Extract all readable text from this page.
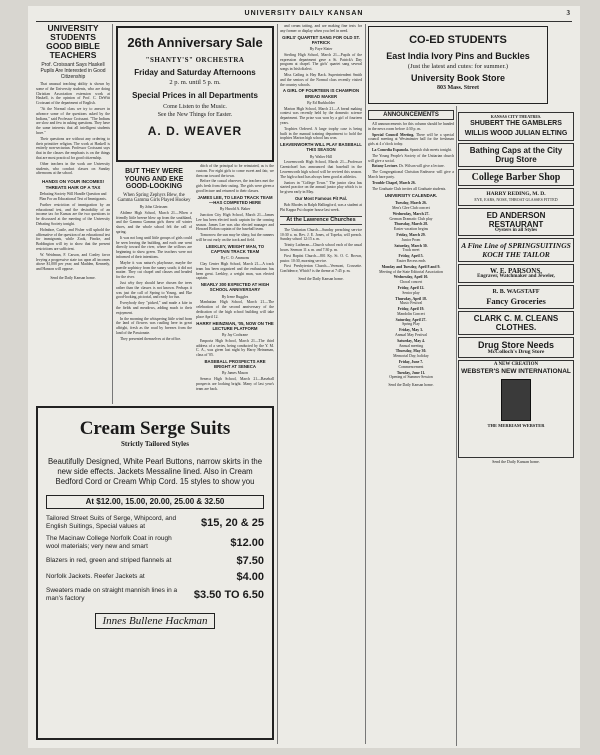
UNIVERSITY DAILY KANSAN	3
UNIVERSITY STUDENTS GOOD BIBLE TEACHERS
Prof. Croissant Says Haskell Pupils Are Interested in Good Citizenship

That unusual teaching ability is shown by some of the University students, who are doing Christian Association extension work at Haskell, is the opinion of Prof. C. DeWitt Croissant of the department of English.

"At the Normal class we try to answer in advance some of the questions asked by the Indians," said Professor Croissant. "The Indians are slow and few in asking questions. They have the same interests that all intelligent students have."

Their questions are without any ordering to their primitive religion. The work at Haskell is entirely non-sectarian. Professor Croissant says that in the classes the emphasis is on the things that are most practical for good citizenship.

Other teachers in the work are University students, who conduct classes on Sunday afternoons at the school.

HANDS ON YOUR INCOMES! THREATS HAIR OF A TAX

Debating Society Will Handle Question and Plan For an Educational Test of Immigrants.

Further restriction of immigration by an educational test, and the desirability of an income tax for Kansas are the two questions to be discussed at the meeting of the University Debating Society tonight.

Holmboe, Castle, and Fisher will uphold the affirmative of the question of an educational test for immigrants, while Zook, Fincke, and Boddington will try to show that the present restrictions are sufficient.

W. Weidman, F. Carson, and Conley favor levying a progressive state tax upon all incomes above $1,000 per year; and Madden, Kennedy, and Hanson will oppose.

Send the Daily Kansan home.

BUT THEY WERE YOUNG AND EKE GOOD-LOOKING

When Spring Zephyrs Blew, the Gamma Gamma Girls Played Hookey

By John Gleissner.

Abilene High School, March 21—When a friendly little breeze blew up from the southland, and the Gamma Gamma girls threw off winter shoes, and the whole school felt the call of spring.

It was not long until little groups of girls could be seen leaving the building, and each one went directly toward the river, where the willows are beginning to show green. The teachers were not informed of their intentions.

Maybe it was nature's playhouse, maybe the puerile sophistry from the sunny south; it did not matter. They cut chapel and classes and headed for the river.

Just why they should have chosen the trees rather than the classes is not known. Perhaps it was just the call of Spring to Young, and Eke good-looking, pictorial, and ready for fun.

Everybody they "picked," and made a kite in the fields and meadows, adding much to their enjoyment.

In the morning the whispering little wind from the land of flowers was rustling here in great affright, fresh as the road by breezes from the land of the Passionate.

They presented themselves at the office.

ditch of the principal to be reinstated, as is the custom. For eight girls to come sweet and fair, we then ran toward the town.

Before the casual observer, the teachers met the girls fresh from their outing. The girls were given a good lecture and returned to their classes.

JAMES LEE, TO LEAD TRACK TEAM—HAS COMPETED HERE

By Harold A. Baker

Junction City High School, March 21—James Lee has been elected track captain for the coming season. James Lee was also elected manager and Howard Bolton captain of the baseball team.

Tomorrow the sun may be shiny, but the runners will be out early on the track and field.

LEEKLEY, WEIGHT MAN, TO CAPTAIN TRACK TEAM

By C. O. Ammons

Clay Center High School, March 21—A track team has been organized and the enthusiasm has been great. Leekley, a weight man, was elected captain.

NEARLY 300 EXPECTED AT HIGH SCHOOL ANNIVERSARY

By Irene Ruggles

Manhattan High School, March 21—The celebration of the second anniversary of the dedication of the high school building will take place April 12.

HARRY HEINZMAN, '05, NOW ON THE LECTURE PLATFORM

By Jay Cochrane

Emporia High School, March 21—The third address of a series, being conducted by the Y. M. C. A., was given last night by Harry Heinzman, class of '05.

BASEBALL PROSPECTS ARE BRIGHT AT SENECA

By James Mason

Seneca High School, March 21—Baseball prospects are looking bright. Many of last year's team are back.

26th Anniversary Sale
"SHANTY'S" ORCHESTRA
Friday and Saturday Afternoons
2 p. m. until 5 p. m.
Special Prices in all Departments
Come Listen to the Music.
See the New Things for Easter.
A. D. WEAVER

and cream tatting, and are making fine tests for any former or display when you feel in need.

GIRLS' QUARTET SANG FOR OLD ST. PATRICK

By Faye Slater

Sterling High School, March 21—Pupils of the expression department gave a St. Patrick's Day program at chapel. The girls' quartet sang several songs in Irish dialect.

Miss Catling is Hay Back. Superintendent Smith and the seniors of the Normal class recently visited the country schools.

A GIRL OF FOURTEEN IS CHAMPION BREAD MAKER

By Ed Burkholder

Marion High School, March 21—A bread making contest was recently held by the domestic science department. The prize was won by a girl of fourteen years.

Trophies Ordered. A large trophy case is being built in the manual training department to hold the trophies Marion high school has won.

LEAVENWORTH WILL PLAY BASEBALL THIS SEASON

By Walter Hill

Leavenworth High School, March 21—Professor Carmichael has announced that baseball in the Leavenworth high school will be revived this season. The high school has always been good at athletics.

Juniors in "College Town." The junior class has started practice on the annual junior play which is to be given early in May.

Our Most Famous Pit Pal.

Bob Rhodes in Ralph Hallingford, was a student at Phi Kappa Psi chapter house last week.

At the Lawrence Churches

The Unitarian Church—Sunday preaching service 10:30 a. m. Rev. J. E. Jones, of Topeka, will preach. Sunday school 12:15 a. m.

Trinity Lutheran—Church school each of the usual hours. Sermon 11 a. m. and 7:30 p. m.

First Baptist Church—801 Ky. St. O. C. Brown, pastor. 10:30, morning service.

First Presbyterian Church—Vermont, Crossette. Confidence, Which? is the theme at 7:45 p. m.

Send the Daily Kansan home.

CO-ED STUDENTS
East India Ivory Pins and Buckles
(Just the latest and cutes: for summer.)
University Book Store
803 Mass. Street
ANNOUNCEMENTS

All announcements for this column should be handed in the news room before 4:30 p. m.

Special Council Meeting. There will be a special council meeting at Westminster hall for the freshman girls at 4 o'clock today.

La Comedia Espanola. Spanish club meets tonight.

The Young People's Society of the Unitarian church will give a social.

Botany Lecture. Dr. Wilson will give a lecture.

The Congregational Christian Endeavor will give a March hare party.

Trouble Chapel, March 26.

The Graduate Club invites all Graduate students.

UNIVERSITY CALENDAR.

Tuesday, March 26.
Men's Glee Club concert

Wednesday, March 27.
German Dramatic Club play

Thursday, March 28.
Easter vacation begins

Friday, March 29.
Junior Prom

Saturday, March 30.
Track meet

Friday, April 5.
Easter Recess ends

Monday and Tuesday, April 8 and 9.
Meeting of the State Editorial Association

Wednesday, April 10.
Choral concert

Friday, April 12.
Senior play

Thursday, April 18.
Music Festival

Friday, April 19.
Mandolin Concert

Saturday, April 27.
Spring Play

Friday, May 3.
Annual May Festival

Saturday, May 4.
Annual meeting

Thursday, May 30.
Memorial Day; holiday

Friday, June 7.
Commencement

Tuesday, June 11.
Opening of Summer Session

Send the Daily Kansan home.

KANSAS CITY THEATRES.
SHUBERT THE GAMBLERS
WILLIS WOOD JULIAN ELTING
Bathing Caps at the City Drug Store
College Barber Shop
HARRY REDING, M. D.
EYE, EARS, NOSE, THROAT GLASSES FITTED
ED ANDERSON RESTAURANT
Oysters in all Styles
A Fine Line of SPRINGSUITINGS KOCH THE TAILOR
W. E. PARSONS,
Engraver, Watchmaker and Jeweler,
R. B. WAGSTAFF
Fancy Groceries
CLARK C. M. CLEANS CLOTHES.
Drug Store Needs
McColloch's Drug Store
A NEW CREATION
WEBSTER'S NEW INTERNATIONAL
THE MERRIAM WEBSTER

Send the Daily Kansan home.

Cream Serge Suits
Strictly Tailored Styles
Beautifully Designed, White Pearl Buttons, narrow skirts in the new side effects. Jackets Messaline lined. Also in Cream Bedford Cord or Cream Whip Cord. 15 styles to show you
At $12.00, 15.00, 20.00, 25.00 & 32.50
Tailored Street Suits of Serge, Whipcord, and English Suitings, Special values at	$15, 20 & 25
The Macinaw College Norfolk Coat in rough wool materials; very new and smart	$12.00
Blazers in red, green and striped flannels at	$7.50
Norfolk Jackets. Reefer Jackets at	$4.00
Sweaters made on straight mannish lines in a man's factory	$3.50 TO 6.50
Innes Bullene Hackman
